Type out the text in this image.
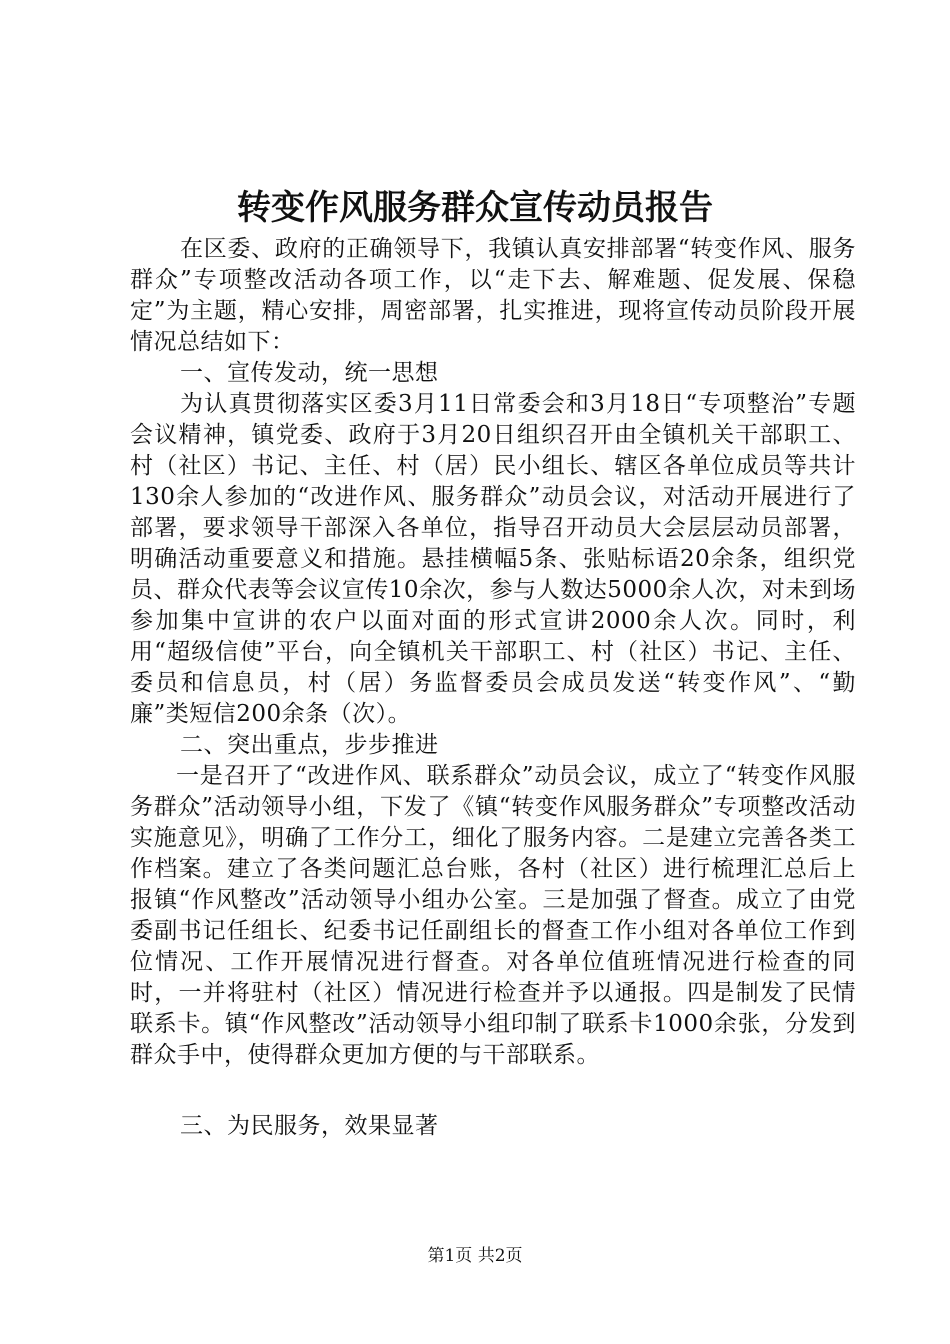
转变作风服务群众宣传动员报告

在区委、政府的正确领导下，我镇认真安排部署“转变作风、服务群众”专项整改活动各项工作，以“走下去、解难题、促发展、保稳定”为主题，精心安排，周密部署，扎实推进，现将宣传动员阶段开展情况总结如下：

一、宣传发动，统一思想

为认真贯彻落实区委3月11日常委会和3月18日“专项整治”专题会议精神，镇党委、政府于3月20日组织召开由全镇机关干部职工、村（社区）书记、主任、村（居）民小组长、辖区各单位成员等共计130余人参加的“改进作风、服务群众”动员会议，对活动开展进行了部署，要求领导干部深入各单位，指导召开动员大会层层动员部署，明确活动重要意义和措施。悬挂横幅5条、张贴标语20余条，组织党员、群众代表等会议宣传10余次，参与人数达5000余人次，对未到场参加集中宣讲的农户以面对面的形式宣讲2000余人次。同时，利用“超级信使”平台，向全镇机关干部职工、村（社区）书记、主任、委员和信息员，村（居）务监督委员会成员发送“转变作风”、“勤廉”类短信200余条（次）。

二、突出重点，步步推进

一是召开了“改进作风、联系群众”动员会议，成立了“转变作风服务群众”活动领导小组，下发了《镇“转变作风服务群众”专项整改活动实施意见》，明确了工作分工，细化了服务内容。二是建立完善各类工作档案。建立了各类问题汇总台账，各村（社区）进行梳理汇总后上报镇“作风整改”活动领导小组办公室。三是加强了督查。成立了由党委副书记任组长、纪委书记任副组长的督查工作小组对各单位工作到位情况、工作开展情况进行督查。对各单位值班情况进行检查的同时，一并将驻村（社区）情况进行检查并予以通报。四是制发了民情联系卡。镇“作风整改”活动领导小组印制了联系卡1000余张，分发到群众手中，使得群众更加方便的与干部联系。

三、为民服务，效果显著

第1页 共2页
